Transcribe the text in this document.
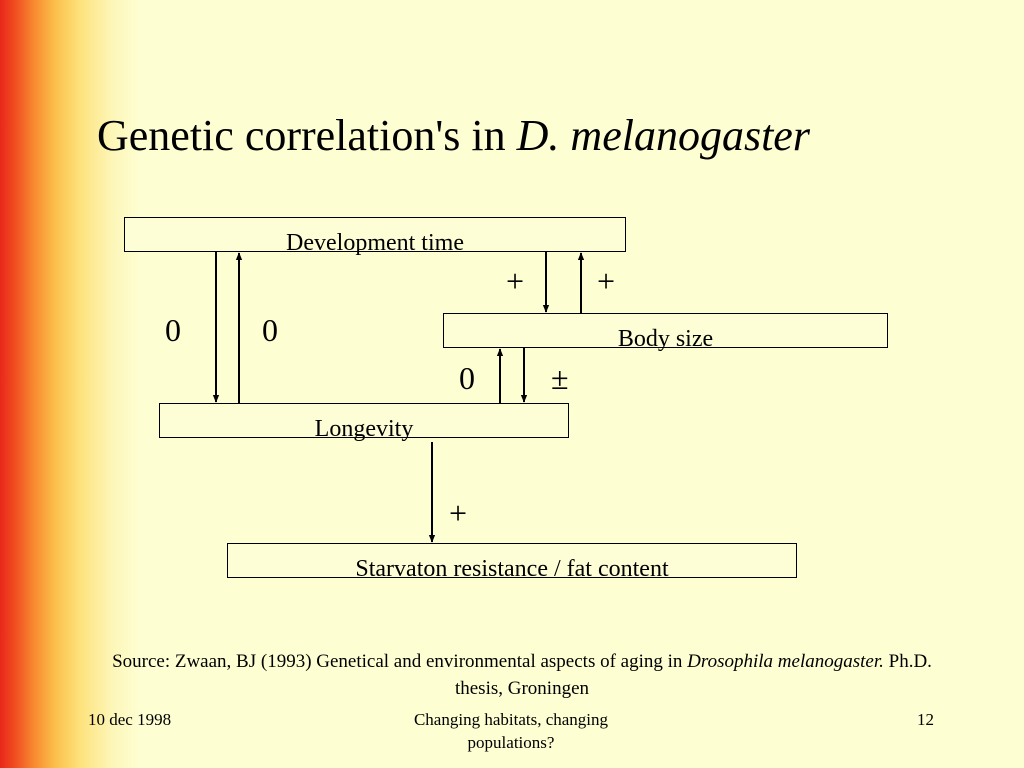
Genetic correlation's in D. melanogaster
Development time
Body size
Longevity
Starvaton resistance / fat content
0	0
+ +
0 ±
+
Source: Zwaan, BJ (1993) Genetical and environmental aspects of aging in Drosophila melanogaster. Ph.D. thesis, Groningen
10 dec 1998	Changing habitats, changing populations?
12
